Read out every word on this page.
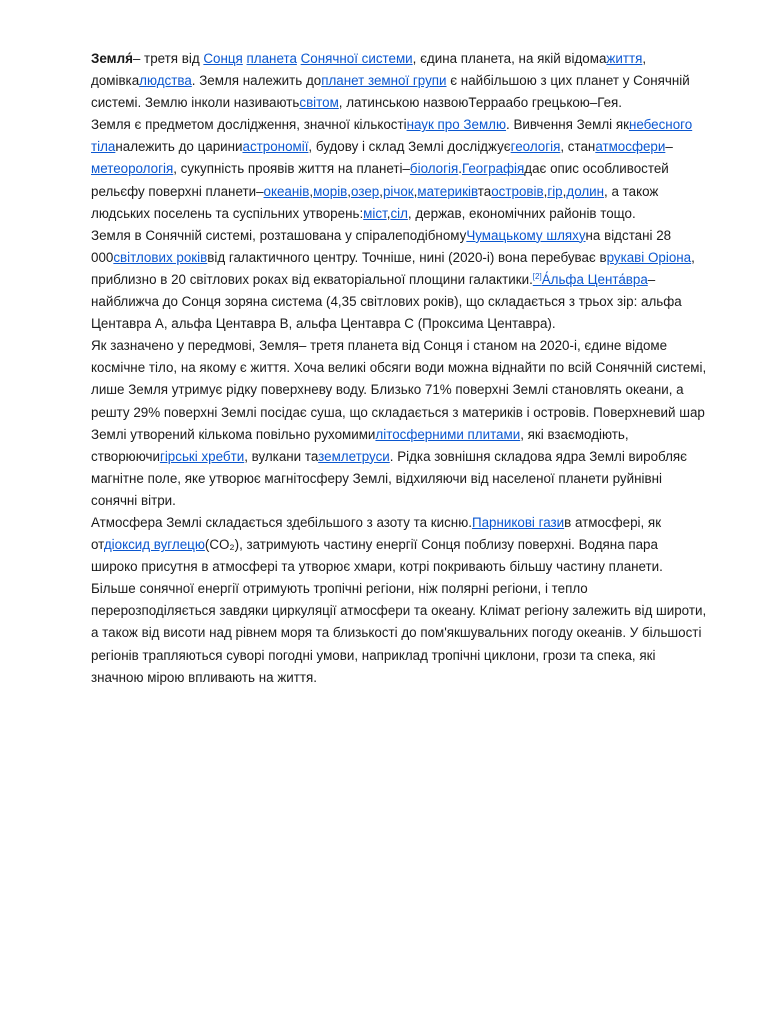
Земля́– третя від Сонця планета Сонячної системи, єдина планета, на якій відомажиття, домівкалюдства. Земля належить допланет земної групи є найбільшою з цих планет у Сонячній системі. Землю інколи називаютьсвітом, латинською назвоюТерраабо грецькою–Гея.

Земля є предметом дослідження, значної кількостінаук про Землю. Вивчення Землі якнебесного тіланалежить до цариниастрономії, будову і склад Землі досліджуєгеологія, станатмосфери–метеорологія, сукупність проявів життя на планеті–біологія.Географіядає опис особливостей рельєфу поверхні планети–океанів,морів,озер,річок,материківтаостровів,гір,долин, а також людських поселень та суспільних утворень:міст,сіл, держав, економічних районів тощо.

Земля в Сонячній системі, розташована у спіралеподібномуЧумацькому шляхуна відстані 28 000світлових роківвід галактичного центру. Точніше, нині (2020-і) вона перебуває врукаві Оріона, приблизно в 20 світлових роках від екваторіальної площини галактики.[2]А́льфа Цента́вра– найближча до Сонця зоряна система (4,35 світлових років), що складається з трьох зір: альфа Центавра A, альфа Центавра B, альфа Центавра C (Проксима Центавра).

Як зазначено у передмові, Земля– третя планета від Сонця і станом на 2020-і, єдине відоме космічне тіло, на якому є життя. Хоча великі обсяги води можна віднайти по всій Сонячній системі, лише Земля утримує рідку поверхневу воду. Близько 71% поверхні Землі становлять океани, а решту 29% поверхні Землі посідає суша, що складається з материків і островів. Поверхневий шар Землі утворений кількома повільно рухомимилітосферними плитами, які взаємодіють, створюючигірські хребти, вулкани таземлетруси. Рідка зовнішня складова ядра Землі виробляє магнітне поле, яке утворює магнітосферу Землі, відхиляючи від населеної планети руйнівні сонячні вітри.

Атмосфера Землі складається здебільшого з азоту та кисню.Парникові газив атмосфері, як отдіоксид вуглецю(CO₂), затримують частину енергії Сонця поблизу поверхні. Водяна пара широко присутня в атмосфері та утворює хмари, котрі покривають більшу частину планети. Більше сонячної енергії отримують тропічні регіони, ніж полярні регіони, і тепло перерозподіляється завдяки циркуляції атмосфери та океану. Клімат регіону залежить від широти, а також від висоти над рівнем моря та близькості до пом'якшувальних погоду океанів. У більшості регіонів трапляються суворі погодні умови, наприклад тропічні циклони, грози та спека, які значною мірою впливають на життя.
